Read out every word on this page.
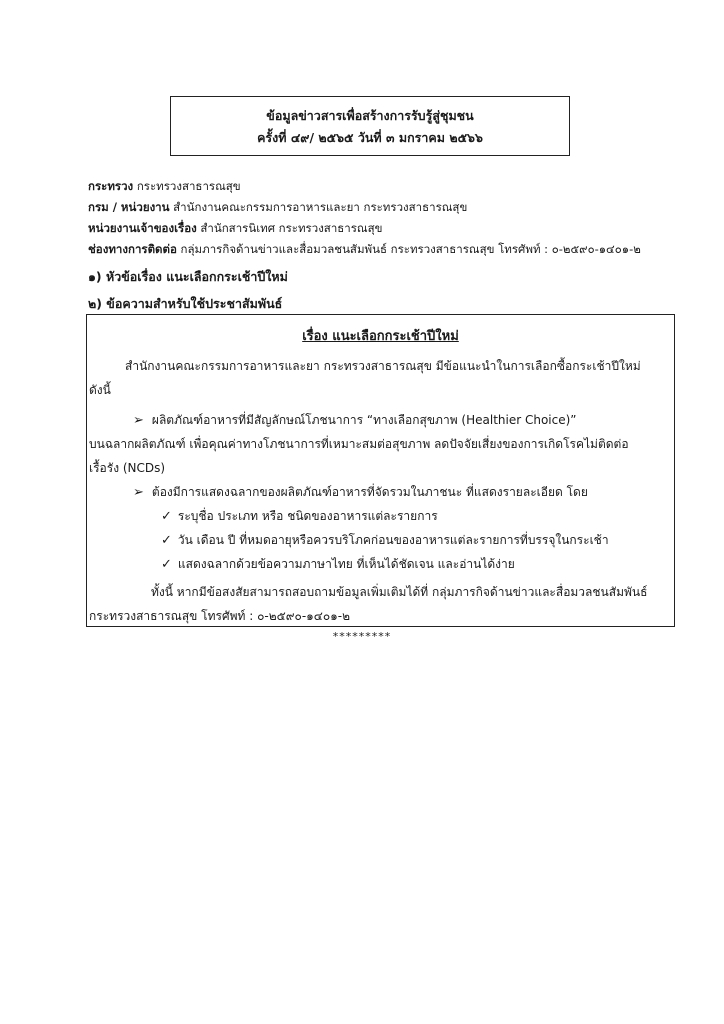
ข้อมูลข่าวสารเพื่อสร้างการรับรู้สู่ชุมชน
ครั้งที่ ๔๙/ ๒๕๖๕ วันที่ ๓ มกราคม ๒๕๖๖
กระทรวง กระทรวงสาธารณสุข
กรม / หน่วยงาน สำนักงานคณะกรรมการอาหารและยา กระทรวงสาธารณสุข
หน่วยงานเจ้าของเรื่อง สำนักสารนิเทศ กระทรวงสาธารณสุข
ช่องทางการติดต่อ กลุ่มภารกิจด้านข่าวและสื่อมวลชนสัมพันธ์ กระทรวงสาธารณสุข โทรศัพท์ : ๐-๒๕๙๐-๑๔๐๑-๒
๑) หัวข้อเรื่อง แนะเลือกกระเช้าปีใหม่
๒) ข้อความสำหรับใช้ประชาสัมพันธ์
เรื่อง แนะเลือกกระเช้าปีใหม่
สำนักงานคณะกรรมการอาหารและยา กระทรวงสาธารณสุข มีข้อแนะนำในการเลือกซื้อกระเช้าปีใหม่
ดังนี้
➢ ผลิตภัณฑ์อาหารที่มีสัญลักษณ์โภชนาการ “ทางเลือกสุขภาพ (Healthier Choice)”
บนฉลากผลิตภัณฑ์ เพื่อคุณค่าทางโภชนาการที่เหมาะสมต่อสุขภาพ ลดปัจจัยเสี่ยงของการเกิดโรคไม่ติดต่อ
เรื้อรัง (NCDs)
➢ ต้องมีการแสดงฉลากของผลิตภัณฑ์อาหารที่จัดรวมในภาชนะ ที่แสดงรายละเอียด โดย
✓ ระบุชื่อ ประเภท หรือ ชนิดของอาหารแต่ละรายการ
✓ วัน เดือน ปี ที่หมดอายุหรือควรบริโภคก่อนของอาหารแต่ละรายการที่บรรจุในกระเช้า
✓ แสดงฉลากด้วยข้อความภาษาไทย ที่เห็นได้ชัดเจน และอ่านได้ง่าย
ทั้งนี้ หากมีข้อสงสัยสามารถสอบถามข้อมูลเพิ่มเติมได้ที่ กลุ่มภารกิจด้านข่าวและสื่อมวลชนสัมพันธ์
กระทรวงสาธารณสุข โทรศัพท์ : ๐-๒๕๙๐-๑๔๐๑-๒
*********
